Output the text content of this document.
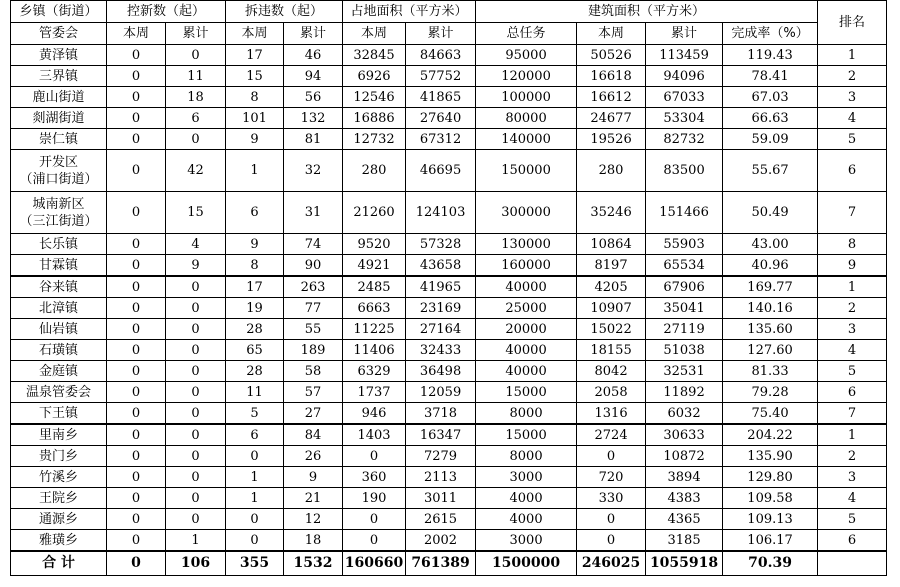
乡镇（街道）	控新数（起）		拆违数（起）		占地面积（平方米）		建筑面积（平方米）				排名
管委会	本周	累计	本周	累计	本周	累计	总任务	本周	累计	完成率（%）	

黄泽镇	0	0	17	46	32845	84663	95000	50526	113459	119.43	1

三界镇	0	11	15	94	6926	57752	120000	16618	94096	78.41	2

鹿山街道	0	18	8	56	12546	41865	100000	16612	67033	67.03	3

剡湖街道	0	6	101	132	16886	27640	80000	24677	53304	66.63	4

崇仁镇	0	0	9	81	12732	67312	140000	19526	82732	59.09	5

开发区
（浦口街道）	0	42	1	32	280	46695	150000	280	83500	55.67	6

城南新区
（三江街道）	0	15	6	31	21260	124103	300000	35246	151466	50.49	7

长乐镇	0	4	9	74	9520	57328	130000	10864	55903	43.00	8

甘霖镇	0	9	8	90	4921	43658	160000	8197	65534	40.96	9

谷来镇	0	0	17	263	2485	41965	40000	4205	67906	169.77	1

北漳镇	0	0	19	77	6663	23169	25000	10907	35041	140.16	2

仙岩镇	0	0	28	55	11225	27164	20000	15022	27119	135.60	3

石璜镇	0	0	65	189	11406	32433	40000	18155	51038	127.60	4

金庭镇	0	0	28	58	6329	36498	40000	8042	32531	81.33	5

温泉管委会	0	0	11	57	1737	12059	15000	2058	11892	79.28	6

下王镇	0	0	5	27	946	3718	8000	1316	6032	75.40	7

里南乡	0	0	6	84	1403	16347	15000	2724	30633	204.22	1

贵门乡	0	0	0	26	0	7279	8000	0	10872	135.90	2

竹溪乡	0	0	1	9	360	2113	3000	720	3894	129.80	3

王院乡	0	0	1	21	190	3011	4000	330	4383	109.58	4

通源乡	0	0	0	12	0	2615	4000	0	4365	109.13	5

雅璜乡	0	1	0	18	0	2002	3000	0	3185	106.17	6
合 计	0	106	355	1532	160660	761389	1500000	246025	1055918	70.39	
